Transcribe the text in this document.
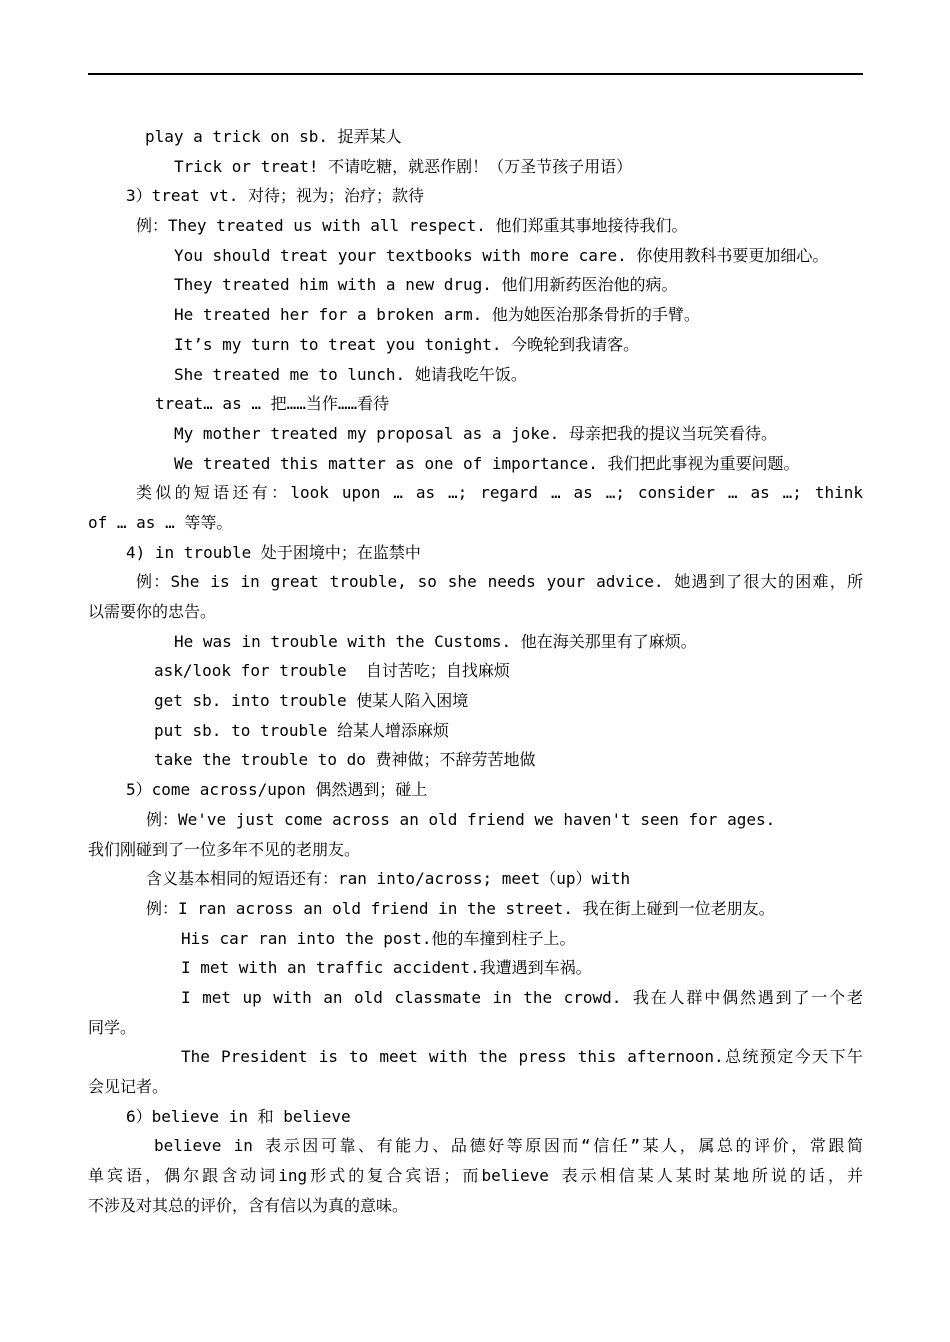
play a trick on sb. 捉弄某人
Trick or treat! 不请吃糖，就恶作剧！（万圣节孩子用语）
3）treat vt. 对待；视为；治疗；款待
例：They treated us with all respect. 他们郑重其事地接待我们。
You should treat your textbooks with more care. 你使用教科书要更加细心。
They treated him with a new drug. 他们用新药医治他的病。
He treated her for a broken arm. 他为她医治那条骨折的手臂。
It’s my turn to treat you tonight. 今晚轮到我请客。
She treated me to lunch. 她请我吃午饭。
treat… as … 把……当作……看待
My mother treated my proposal as a joke. 母亲把我的提议当玩笑看待。
We treated this matter as one of importance. 我们把此事视为重要问题。
类似的短语还有：look upon … as …; regard … as …; consider … as …; think
of … as … 等等。
4) in trouble 处于困境中；在监禁中
例：She is in great trouble, so she needs your advice. 她遇到了很大的困难，所
以需要你的忠告。
He was in trouble with the Customs. 他在海关那里有了麻烦。
ask/look for trouble  自讨苦吃；自找麻烦
get sb. into trouble 使某人陷入困境
put sb. to trouble 给某人增添麻烦
take the trouble to do 费神做；不辞劳苦地做
5）come across/upon 偶然遇到；碰上
例：We've just come across an old friend we haven't seen for ages.
我们刚碰到了一位多年不见的老朋友。
含义基本相同的短语还有：ran into/across; meet（up）with
例：I ran across an old friend in the street. 我在街上碰到一位老朋友。
His car ran into the post.他的车撞到柱子上。
I met with an traffic accident.我遭遇到车祸。
I met up with an old classmate in the crowd. 我在人群中偶然遇到了一个老
同学。
The President is to meet with the press this afternoon.总统预定今天下午
会见记者。
6）believe in 和 believe
believe in 表示因可靠、有能力、品德好等原因而“信任”某人，属总的评价，常跟简
单宾语，偶尔跟含动词ing形式的复合宾语；而believe 表示相信某人某时某地所说的话，并
不涉及对其总的评价，含有信以为真的意味。
